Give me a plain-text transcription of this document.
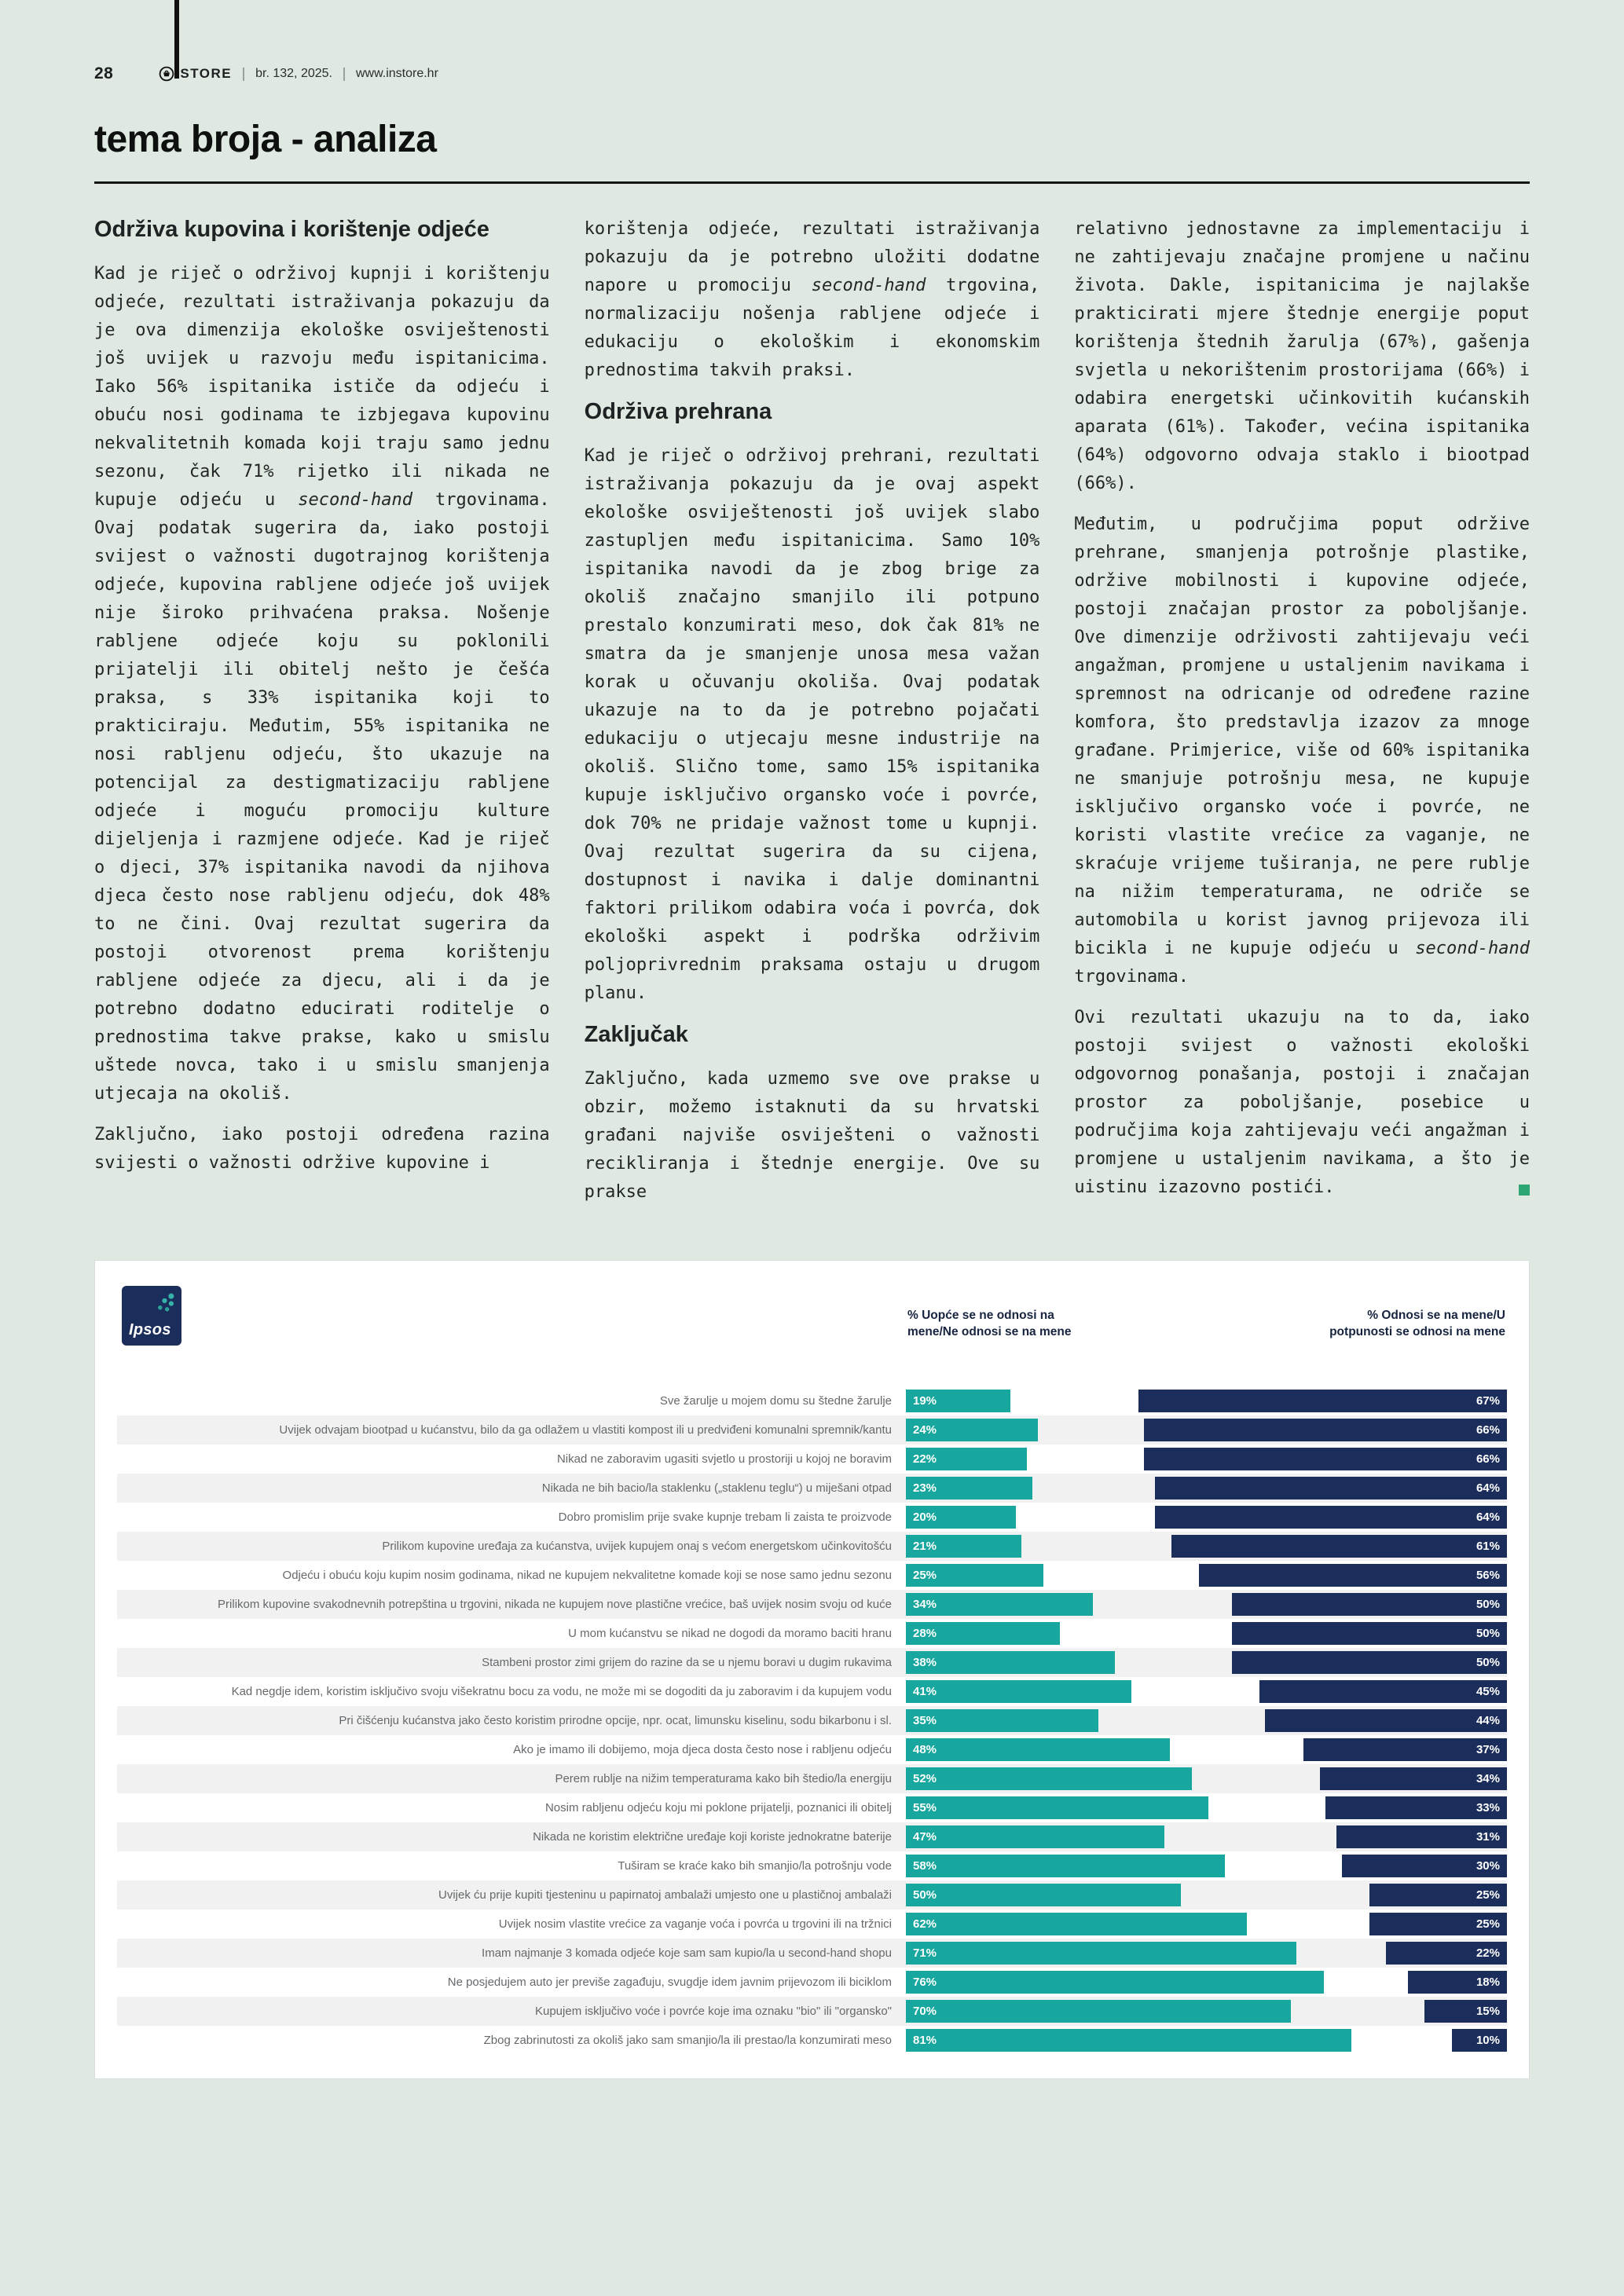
28	STORE br. 132, 2025. www.instore.hr
tema broja - analiza
Održiva kupovina i korištenje odjeće

Kad je riječ o održivoj kupnji i korištenju odjeće, rezultati istraživanja pokazuju da je ova dimenzija ekološke osviještenosti još uvijek u razvoju među ispitanicima. Iako 56% ispitanika ističe da odjeću i obuću nosi godinama te izbjegava kupovinu nekvalitetnih komada koji traju samo jednu sezonu, čak 71% rijetko ili nikada ne kupuje odjeću u second-hand trgovinama. Ovaj podatak sugerira da, iako postoji svijest o važnosti dugotrajnog korištenja odjeće, kupovina rabljene odjeće još uvijek nije široko prihvaćena praksa. Nošenje rabljene odjeće koju su poklonili prijatelji ili obitelj nešto je češća praksa, s 33% ispitanika koji to prakticiraju. Međutim, 55% ispitanika ne nosi rabljenu odjeću, što ukazuje na potencijal za destigmatizaciju rabljene odjeće i moguću promociju kulture dijeljenja i razmjene odjeće. Kad je riječ o djeci, 37% ispitanika navodi da njihova djeca često nose rabljenu odjeću, dok 48% to ne čini. Ovaj rezultat sugerira da postoji otvorenost prema korištenju rabljene odjeće za djecu, ali i da je potrebno dodatno educirati roditelje o prednostima takve prakse, kako u smislu uštede novca, tako i u smislu smanjenja utjecaja na okoliš.

Zaključno, iako postoji određena razina svijesti o važnosti održive kupovine i

korištenja odjeće, rezultati istraživanja pokazuju da je potrebno uložiti dodatne napore u promociju second-hand trgovina, normalizaciju nošenja rabljene odjeće i edukaciju o ekološkim i ekonomskim prednostima takvih praksi.

Održiva prehrana

Kad je riječ o održivoj prehrani, rezultati istraživanja pokazuju da je ovaj aspekt ekološke osviještenosti još uvijek slabo zastupljen među ispitanicima. Samo 10% ispitanika navodi da je zbog brige za okoliš značajno smanjilo ili potpuno prestalo konzumirati meso, dok čak 81% ne smatra da je smanjenje unosa mesa važan korak u očuvanju okoliša. Ovaj podatak ukazuje na to da je potrebno pojačati edukaciju o utjecaju mesne industrije na okoliš. Slično tome, samo 15% ispitanika kupuje isključivo organsko voće i povrće, dok 70% ne pridaje važnost tome u kupnji. Ovaj rezultat sugerira da su cijena, dostupnost i navika i dalje dominantni faktori prilikom odabira voća i povrća, dok ekološki aspekt i podrška održivim poljoprivrednim praksama ostaju u drugom planu.

Zaključak

Zaključno, kada uzmemo sve ove prakse u obzir, možemo istaknuti da su hrvatski građani najviše osviješteni o važnosti recikliranja i štednje energije. Ove su prakse

relativno jednostavne za implementaciju i ne zahtijevaju značajne promjene u načinu života. Dakle, ispitanicima je najlakše prakticirati mjere štednje energije poput korištenja štednih žarulja (67%), gašenja svjetla u nekorištenim prostorijama (66%) i odabira energetski učinkovitih kućanskih aparata (61%). Također, većina ispitanika (64%) odgovorno odvaja staklo i biootpad (66%).

Međutim, u područjima poput održive prehrane, smanjenja potrošnje plastike, održive mobilnosti i kupovine odjeće, postoji značajan prostor za poboljšanje. Ove dimenzije održivosti zahtijevaju veći angažman, promjene u ustaljenim navikama i spremnost na odricanje od određene razine komfora, što predstavlja izazov za mnoge građane. Primjerice, više od 60% ispitanika ne smanjuje potrošnju mesa, ne kupuje isključivo organsko voće i povrće, ne koristi vlastite vrećice za vaganje, ne skraćuje vrijeme tuširanja, ne pere rublje na nižim temperaturama, ne odriče se automobila u korist javnog prijevoza ili bicikla i ne kupuje odjeću u second-hand trgovinama.

Ovi rezultati ukazuju na to da, iako postoji svijest o važnosti ekološki odgovornog ponašanja, postoji i značajan prostor za poboljšanje, posebice u područjima koja zahtijevaju veći angažman i promjene u ustaljenim navikama, a što je uistinu izazovno postići.

Ipsos
% Uopće se ne odnosi na mene/Ne odnosi se na mene
% Odnosi se na mene/U potpunosti se odnosi na mene
Sve žarulje u mojem domu su štedne žarulje	19%	67%
Uvijek odvajam biootpad u kućanstvu, bilo da ga odlažem u vlastiti kompost ili u predviđeni komunalni spremnik/kantu	24%	66%
Nikad ne zaboravim ugasiti svjetlo u prostoriji u kojoj ne boravim	22%	66%
Nikada ne bih bacio/la staklenku („staklenu teglu“) u miješani otpad	23%	64%
Dobro promislim prije svake kupnje trebam li zaista te proizvode	20%	64%
Prilikom kupovine uređaja za kućanstva, uvijek kupujem onaj s većom energetskom učinkovitošću	21%	61%
Odjeću i obuću koju kupim nosim godinama, nikad ne kupujem nekvalitetne komade koji se nose samo jednu sezonu	25%	56%
Prilikom kupovine svakodnevnih potrepština u trgovini, nikada ne kupujem nove plastične vrećice, baš uvijek nosim svoju od kuće	34%	50%
U mom kućanstvu se nikad ne dogodi da moramo baciti hranu	28%	50%
Stambeni prostor zimi grijem do razine da se u njemu boravi u dugim rukavima	38%	50%
Kad negdje idem, koristim isključivo svoju višekratnu bocu za vodu, ne može mi se dogoditi da ju zaboravim i da kupujem vodu	41%	45%
Pri čišćenju kućanstva jako često koristim prirodne opcije, npr. ocat, limunsku kiselinu, sodu bikarbonu i sl.	35%	44%
Ako je imamo ili dobijemo, moja djeca dosta često nose i rabljenu odjeću	48%	37%
Perem rublje na nižim temperaturama kako bih štedio/la energiju	52%	34%
Nosim rabljenu odjeću koju mi poklone prijatelji, poznanici ili obitelj	55%	33%
Nikada ne koristim električne uređaje koji koriste jednokratne baterije	47%	31%
Tuširam se kraće kako bih smanjio/la potrošnju vode	58%	30%
Uvijek ću prije kupiti tjesteninu u papirnatoj ambalaži umjesto one u plastičnoj ambalaži	50%	25%
Uvijek nosim vlastite vrećice za vaganje voća i povrća u trgovini ili na tržnici	62%	25%
Imam najmanje 3 komada odjeće koje sam sam kupio/la u second-hand shopu	71%	22%
Ne posjedujem auto jer previše zagađuju, svugdje idem javnim prijevozom ili biciklom	76%	18%
Kupujem isključivo voće i povrće koje ima oznaku "bio" ili "organsko"	70%	15%
Zbog zabrinutosti za okoliš jako sam smanjio/la ili prestao/la konzumirati meso	81%	10%
